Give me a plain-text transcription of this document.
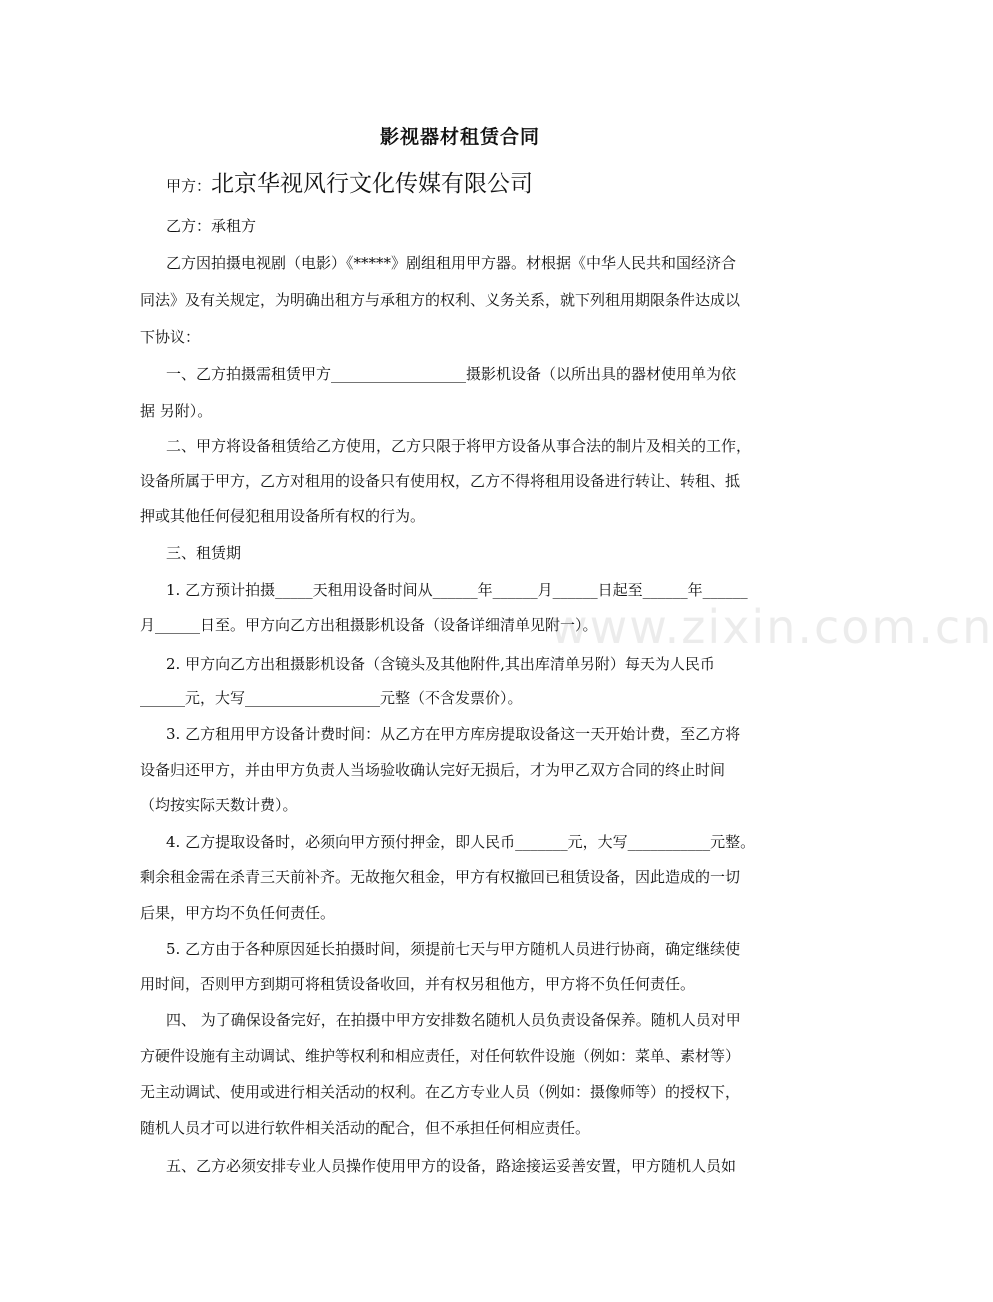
影视器材租赁合同
甲方：北京华视风行文化传媒有限公司
乙方：承租方
乙方因拍摄电视剧（电影）《*****》剧组租用甲方器。材根据《中华人民共和国经济合
同法》及有关规定，为明确出租方与承租方的权利、义务关系，就下列租用期限条件达成以
下协议：
一、乙方拍摄需租赁甲方__________________摄影机设备（以所出具的器材使用单为依
据 另附）。
二、甲方将设备租赁给乙方使用，乙方只限于将甲方设备从事合法的制片及相关的工作，
设备所属于甲方，乙方对租用的设备只有使用权，乙方不得将租用设备进行转让、转租、抵
押或其他任何侵犯租用设备所有权的行为。
三、租赁期
1. 乙方预计拍摄_____天租用设备时间从______年______月______日起至______年______
月______日至。甲方向乙方出租摄影机设备（设备详细清单见附一）。
2. 甲方向乙方出租摄影机设备（含镜头及其他附件,其出库清单另附）每天为人民币
______元，大写__________________元整（不含发票价）。
3. 乙方租用甲方设备计费时间：从乙方在甲方库房提取设备这一天开始计费，至乙方将
设备归还甲方，并由甲方负责人当场验收确认完好无损后，才为甲乙双方合同的终止时间
（均按实际天数计费）。
4. 乙方提取设备时，必须向甲方预付押金，即人民币_______元，大写___________元整。
剩余租金需在杀青三天前补齐。无故拖欠租金，甲方有权撤回已租赁设备，因此造成的一切
后果，甲方均不负任何责任。
5. 乙方由于各种原因延长拍摄时间，须提前七天与甲方随机人员进行协商，确定继续使
用时间，否则甲方到期可将租赁设备收回，并有权另租他方，甲方将不负任何责任。
四、 为了确保设备完好，在拍摄中甲方安排数名随机人员负责设备保养。随机人员对甲
方硬件设施有主动调试、维护等权利和相应责任，对任何软件设施（例如：菜单、素材等）
无主动调试、使用或进行相关活动的权利。在乙方专业人员（例如：摄像师等）的授权下，
随机人员才可以进行软件相关活动的配合，但不承担任何相应责任。
五、乙方必须安排专业人员操作使用甲方的设备，路途接运妥善安置，甲方随机人员如
www.zixin.com.cn
